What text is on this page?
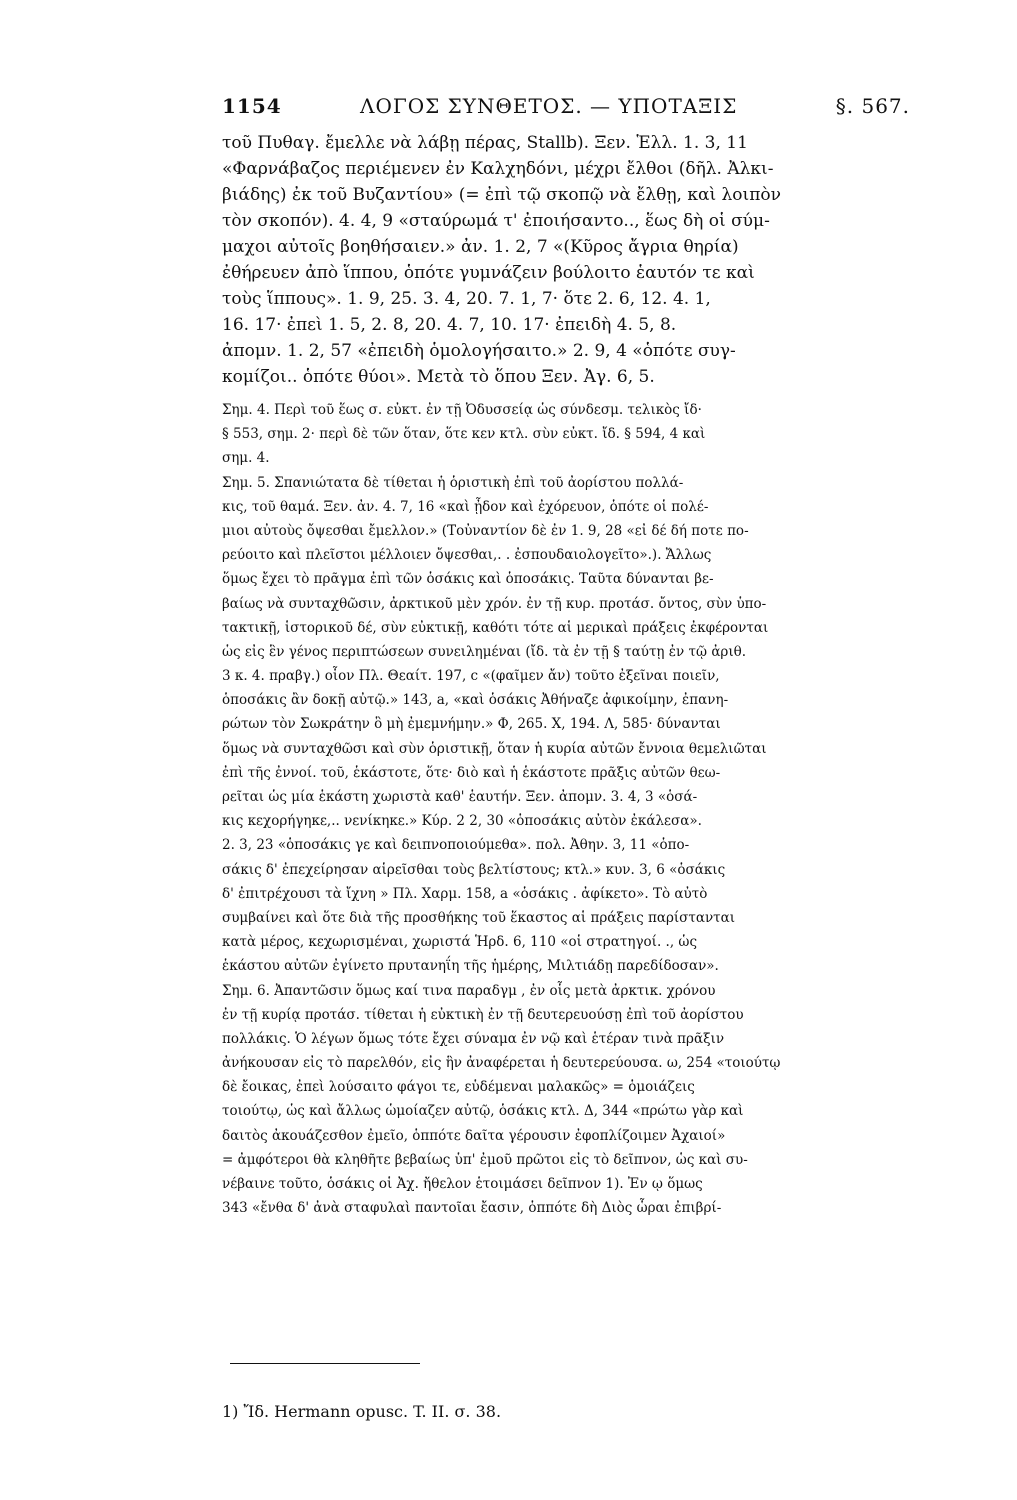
1154	ΛΟΓΟΣ ΣΥΝΘΕΤΟΣ. — ΥΠΟΤΑΞΙΣ	§. 567.
τοῦ Πυθαγ. ἔμελλε νὰ λάβῃ πέρας, Stallb). Ξεν. Ἑλλ. 1. 3, 11
«Φαρνάβαζος περιέμενεν ἐν Καλχηδόνι, μέχρι ἔλθοι (δῆλ. Ἀλκι-
βιάδης) ἐκ τοῦ Βυζαντίου» (= ἐπὶ τῷ σκοπῷ νὰ ἔλθῃ, καὶ λοιπὸν
τὸν σκοπόν). 4. 4, 9 «σταύρωμά τ' ἐποιήσαντο.., ἕως δὴ οἱ σύμ-
μαχοι αὐτοῖς βοηθήσαιεν.» ἀν. 1. 2, 7 «(Κῦρος ἄγρια θηρία)
ἐθήρευεν ἀπὸ ἵππου, ὁπότε γυμνάζειν βούλοιτο ἑαυτόν τε καὶ
τοὺς ἵππους». 1. 9, 25. 3. 4, 20. 7. 1, 7· ὅτε 2. 6, 12. 4. 1,
16. 17· ἐπεὶ 1. 5, 2. 8, 20. 4. 7, 10. 17· ἐπειδὴ 4. 5, 8.
ἀπομν. 1. 2, 57 «ἐπειδὴ ὁμολογήσαιτο.» 2. 9, 4 «ὁπότε συγ-
κομίζοι.. ὁπότε θύοι». Μετὰ τὸ ὅπου Ξεν. Ἀγ. 6, 5.
Σημ. 4. Περὶ τοῦ ἕως σ. εὐκτ. ἐν τῇ Ὀδυσσείᾳ ὡς σύνδεσμ. τελικὸς ἴδ·
§ 553, σημ. 2· περὶ δὲ τῶν ὅταν, ὅτε κεν κτλ. σὺν εὐκτ. ἴδ. § 594, 4 καὶ
σημ. 4.
Σημ. 5. Σπανιώτατα δὲ τίθεται ἡ ὁριστικὴ ἐπὶ τοῦ ἀορίστου πολλά-
κις, τοῦ θαμά. Ξεν. ἀν. 4. 7, 16 «καὶ ᾖδον καὶ ἐχόρευον, ὁπότε οἱ πολέ-
μιοι αὐτοὺς ὄψεσθαι ἔμελλον.» (Τοὐναντίον δὲ ἐν 1. 9, 28 «εἰ δέ δή ποτε πο-
ρεύοιτο καὶ πλεῖστοι μέλλοιεν ὄψεσθαι,. . ἐσπουδαιολογεῖτο».). Ἄλλως
ὅμως ἔχει τὸ πρᾶγμα ἐπὶ τῶν ὁσάκις καὶ ὁποσάκις. Ταῦτα δύνανται βε-
βαίως νὰ συνταχθῶσιν, ἀρκτικοῦ μὲν χρόν. ἐν τῇ κυρ. προτάσ. ὄντος, σὺν ὑπο-
τακτικῇ, ἱστορικοῦ δέ, σὺν εὐκτικῇ, καθότι τότε αἱ μερικαὶ πράξεις ἐκφέρονται
ὡς εἰς ἓν γένος περιπτώσεων συνειλημέναι (ἴδ. τὰ ἐν τῇ § ταύτῃ ἐν τῷ ἀριθ.
3 κ. 4. πραβγ.) οἷον Πλ. Θεαίτ. 197, c «(φαῖμεν ἄν) τοῦτο ἐξεῖναι ποιεῖν,
ὁποσάκις ἂν δοκῇ αὐτῷ.» 143, a, «καὶ ὁσάκις Ἀθήναζε ἀφικοίμην, ἐπανη-
ρώτων τὸν Σωκράτην ὃ μὴ ἐμεμνήμην.» Φ, 265. Χ, 194. Λ, 585· δύνανται
ὅμως νὰ συνταχθῶσι καὶ σὺν ὁριστικῇ, ὅταν ἡ κυρία αὐτῶν ἔννοια θεμελιῶται
ἐπὶ τῆς ἐννοί. τοῦ, ἑκάστοτε, ὅτε· διὸ καὶ ἡ ἑκάστοτε πρᾶξις αὐτῶν θεω-
ρεῖται ὡς μία ἑκάστη χωριστὰ καθ' ἑαυτήν. Ξεν. ἀπομν. 3. 4, 3 «ὁσά-
κις κεχορήγηκε,.. νενίκηκε.» Κύρ. 2 2, 30 «ὁποσάκις αὐτὸν ἐκάλεσα».
2. 3, 23 «ὁποσάκις γε καὶ δειπνοποιούμεθα». πολ. Ἀθην. 3, 11 «ὁπο-
σάκις δ' ἐπεχείρησαν αἱρεῖσθαι τοὺς βελτίστους; κτλ.» κυν. 3, 6 «ὁσάκις
δ' ἐπιτρέχουσι τὰ ἴχνη » Πλ. Χαρμ. 158, a «ὁσάκις . ἀφίκετο». Τὸ αὐτὸ
συμβαίνει καὶ ὅτε διὰ τῆς προσθήκης τοῦ ἕκαστος αἱ πράξεις παρίστανται
κατὰ μέρος, κεχωρισμέναι, χωριστά Ἡρδ. 6, 110 «οἱ στρατηγοί. ., ὡς
ἑκάστου αὐτῶν ἐγίνετο πρυτανηΐη τῆς ἡμέρης, Μιλτιάδῃ παρεδίδοσαν».
Σημ. 6. Ἀπαντῶσιν ὅμως καί τινα παραδγμ , ἐν οἷς μετὰ ἀρκτικ. χρόνου
ἐν τῇ κυρίᾳ προτάσ. τίθεται ἡ εὐκτικὴ ἐν τῇ δευτερευούσῃ ἐπὶ τοῦ ἀορίστου
πολλάκις. Ὁ λέγων ὅμως τότε ἔχει σύναμα ἐν νῷ καὶ ἑτέραν τινὰ πρᾶξιν
ἀνήκουσαν εἰς τὸ παρελθόν, εἰς ἣν ἀναφέρεται ἡ δευτερεύουσα. ω, 254 «τοιούτῳ
δὲ ἔοικας, ἐπεὶ λούσαιτο φάγοι τε, εὑδέμεναι μαλακῶς» = ὁμοιάζεις
τοιούτῳ, ὡς καὶ ἄλλως ὡμοίαζεν αὐτῷ, ὁσάκις κτλ. Δ, 344 «πρώτω γὰρ καὶ
δαιτὸς ἀκουάζεσθον ἐμεῖο, ὁππότε δαῖτα γέρουσιν ἐφοπλίζοιμεν Ἀχαιοί»
= ἀμφότεροι θὰ κληθῆτε βεβαίως ὑπ' ἐμοῦ πρῶτοι εἰς τὸ δεῖπνον, ὡς καὶ συ-
νέβαινε τοῦτο, ὁσάκις οἱ Ἀχ. ἤθελον ἑτοιμάσει δεῖπνον 1). Ἐν ῳ ὅμως
343 «ἔνθα δ' ἀνὰ σταφυλαὶ παντοῖαι ἔασιν, ὁππότε δὴ Διὸς ὧραι ἐπιβρί-
1) Ἴδ. Hermann opusc. T. II. σ. 38.
